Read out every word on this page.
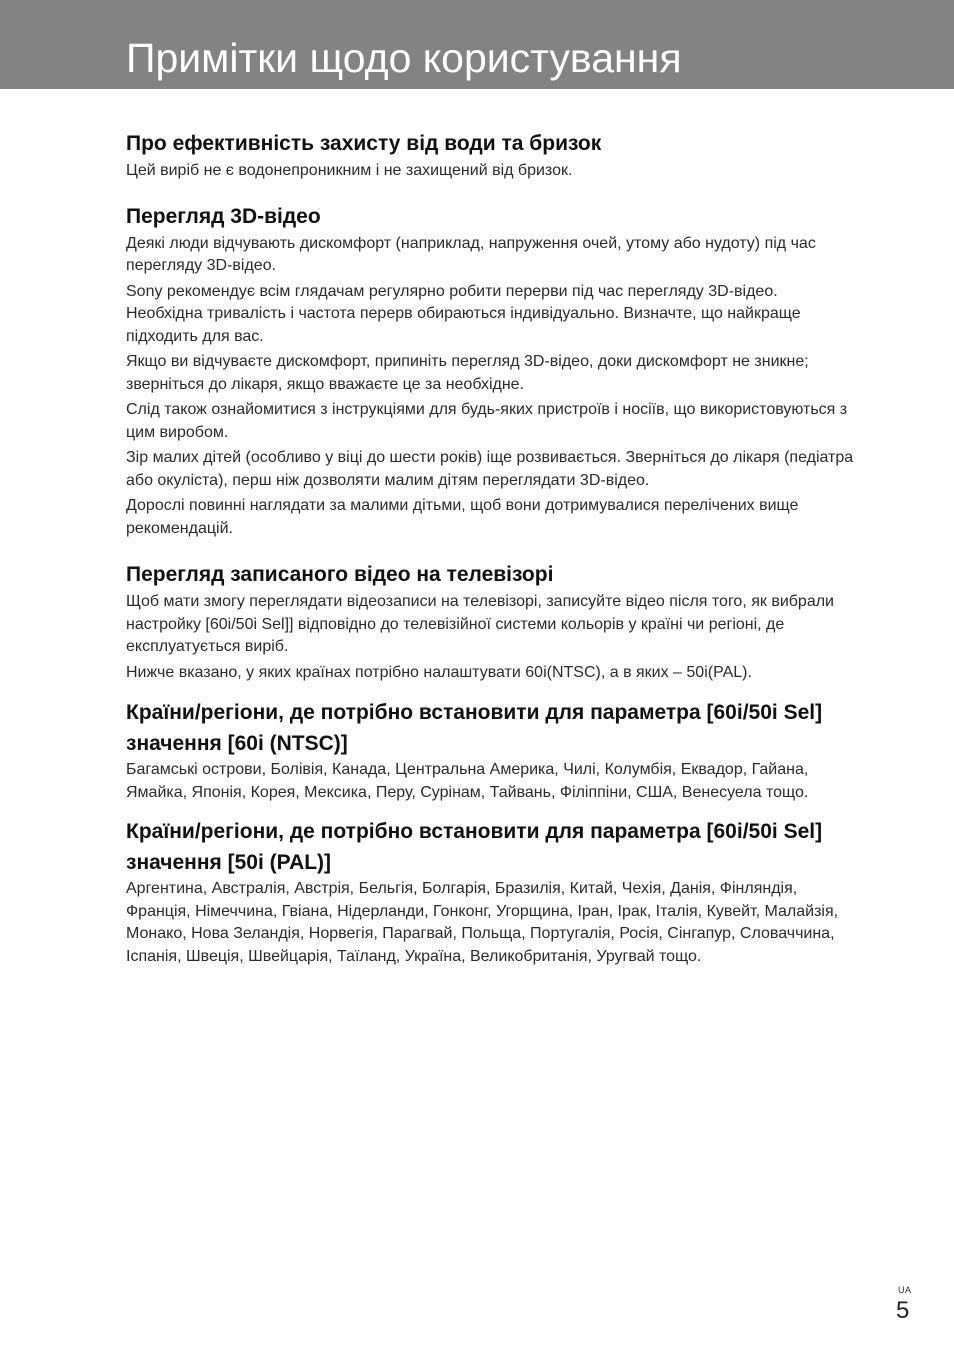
Примітки щодо користування
Про ефективність захисту від води та бризок

Цей виріб не є водонепроникним і не захищений від бризок.

Перегляд 3D-відео

Деякі люди відчувають дискомфорт (наприклад, напруження очей, утому або нудоту) під час перегляду 3D-відео.

Sony рекомендує всім глядачам регулярно робити перерви під час перегляду 3D-відео. Необхідна тривалість і частота перерв обираються індивідуально. Визначте, що найкраще підходить для вас.

Якщо ви відчуваєте дискомфорт, припиніть перегляд 3D-відео, доки дискомфорт не зникне; зверніться до лікаря, якщо вважаєте це за необхідне.

Слід також ознайомитися з інструкціями для будь-яких пристроїв і носіїв, що використовуються з цим виробом.

Зір малих дітей (особливо у віці до шести років) іще розвивається. Зверніться до лікаря (педіатра або окуліста), перш ніж дозволяти малим дітям переглядати 3D-відео.

Дорослі повинні наглядати за малими дітьми, щоб вони дотримувалися перелічених вище рекомендацій.

Перегляд записаного відео на телевізорі

Щоб мати змогу переглядати відеозаписи на телевізорі, записуйте відео після того, як вибрали настройку [60i/50i Sel]] відповідно до телевізійної системи кольорів у країні чи регіоні, де експлуатується виріб.

Нижче вказано, у яких країнах потрібно налаштувати 60i(NTSC), а в яких – 50i(PAL).

Країни/регіони, де потрібно встановити для параметра [60i/50i Sel] значення [60i (NTSC)]

Багамські острови, Болівія, Канада, Центральна Америка, Чилі, Колумбія, Еквадор, Гайана, Ямайка, Японія, Корея, Мексика, Перу, Сурінам, Тайвань, Філіппіни, США, Венесуела тощо.

Країни/регіони, де потрібно встановити для параметра [60i/50i Sel] значення [50i (PAL)]

Аргентина, Австралія, Австрія, Бельгія, Болгарія, Бразилія, Китай, Чехія, Данія, Фінляндія, Франція, Німеччина, Гвіана, Нідерланди, Гонконг, Угорщина, Іран, Ірак, Італія, Кувейт, Малайзія, Монако, Нова Зеландія, Норвегія, Парагвай, Польща, Португалія, Росія, Сінгапур, Словаччина, Іспанія, Швеція, Швейцарія, Таїланд, Україна, Великобританія, Уругвай тощо.

UA
5
